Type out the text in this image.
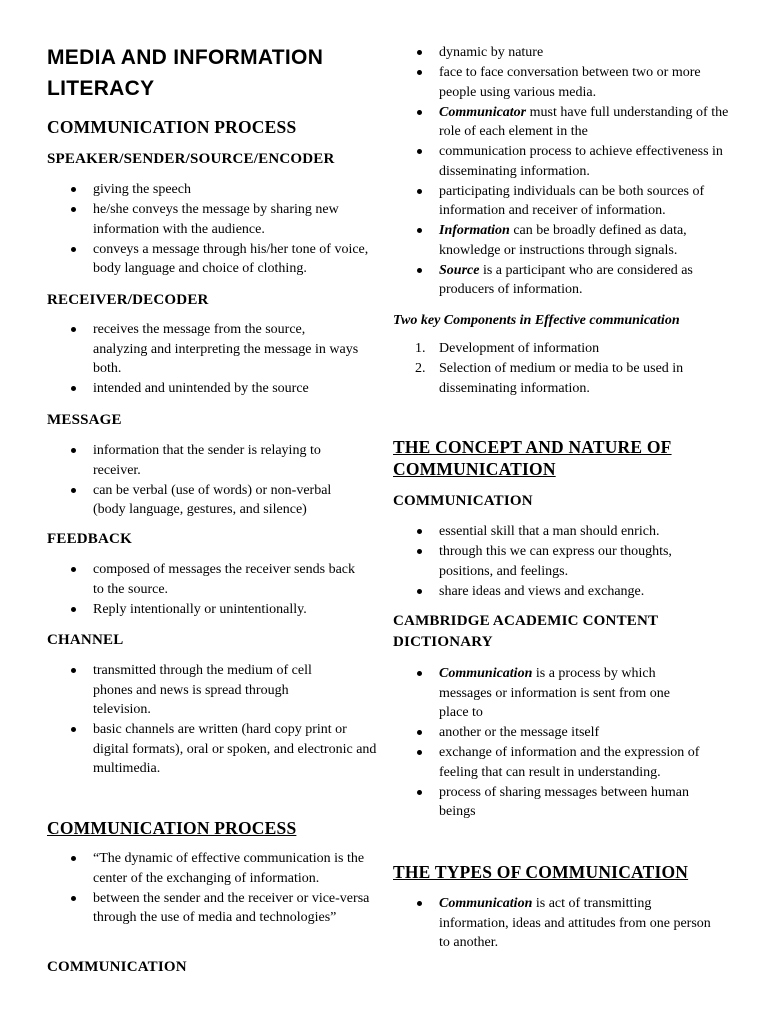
MEDIA AND INFORMATION LITERACY
COMMUNICATION PROCESS
SPEAKER/SENDER/SOURCE/ENCODER
giving the speech
he/she conveys the message by sharing new information with the audience.
conveys a message through his/her tone of voice, body language and choice of clothing.
RECEIVER/DECODER
receives the message from the source, analyzing and interpreting the message in ways both.
intended and unintended by the source
MESSAGE
information that the sender is relaying to receiver.
can be verbal (use of words) or non-verbal (body language, gestures, and silence)
FEEDBACK
composed of messages the receiver sends back to the source.
Reply intentionally or unintentionally.
CHANNEL
transmitted through the medium of cell phones and news is spread through television.
basic channels are written (hard copy print or digital formats), oral or spoken, and electronic and multimedia.
COMMUNICATION PROCESS
“The dynamic of effective communication is the center of the exchanging of information.
between the sender and the receiver or vice-versa through the use of media and technologies”
COMMUNICATION
dynamic by nature
face to face conversation between two or more people using various media.
Communicator must have full understanding of the role of each element in the
communication process to achieve effectiveness in disseminating information.
participating individuals can be both sources of information and receiver of information.
Information can be broadly defined as data, knowledge or instructions through signals.
Source is a participant who are considered as producers of information.
Two key Components in Effective communication
1. Development of information
2. Selection of medium or media to be used in disseminating information.
THE CONCEPT AND NATURE OF COMMUNICATION
COMMUNICATION
essential skill that a man should enrich.
through this we can express our thoughts, positions, and feelings.
share ideas and views and exchange.
CAMBRIDGE ACADEMIC CONTENT DICTIONARY
Communication is a process by which messages or information is sent from one place to
another or the message itself
exchange of information and the expression of feeling that can result in understanding.
process of sharing messages between human beings
THE TYPES OF COMMUNICATION
Communication is act of transmitting information, ideas and attitudes from one person to another.
